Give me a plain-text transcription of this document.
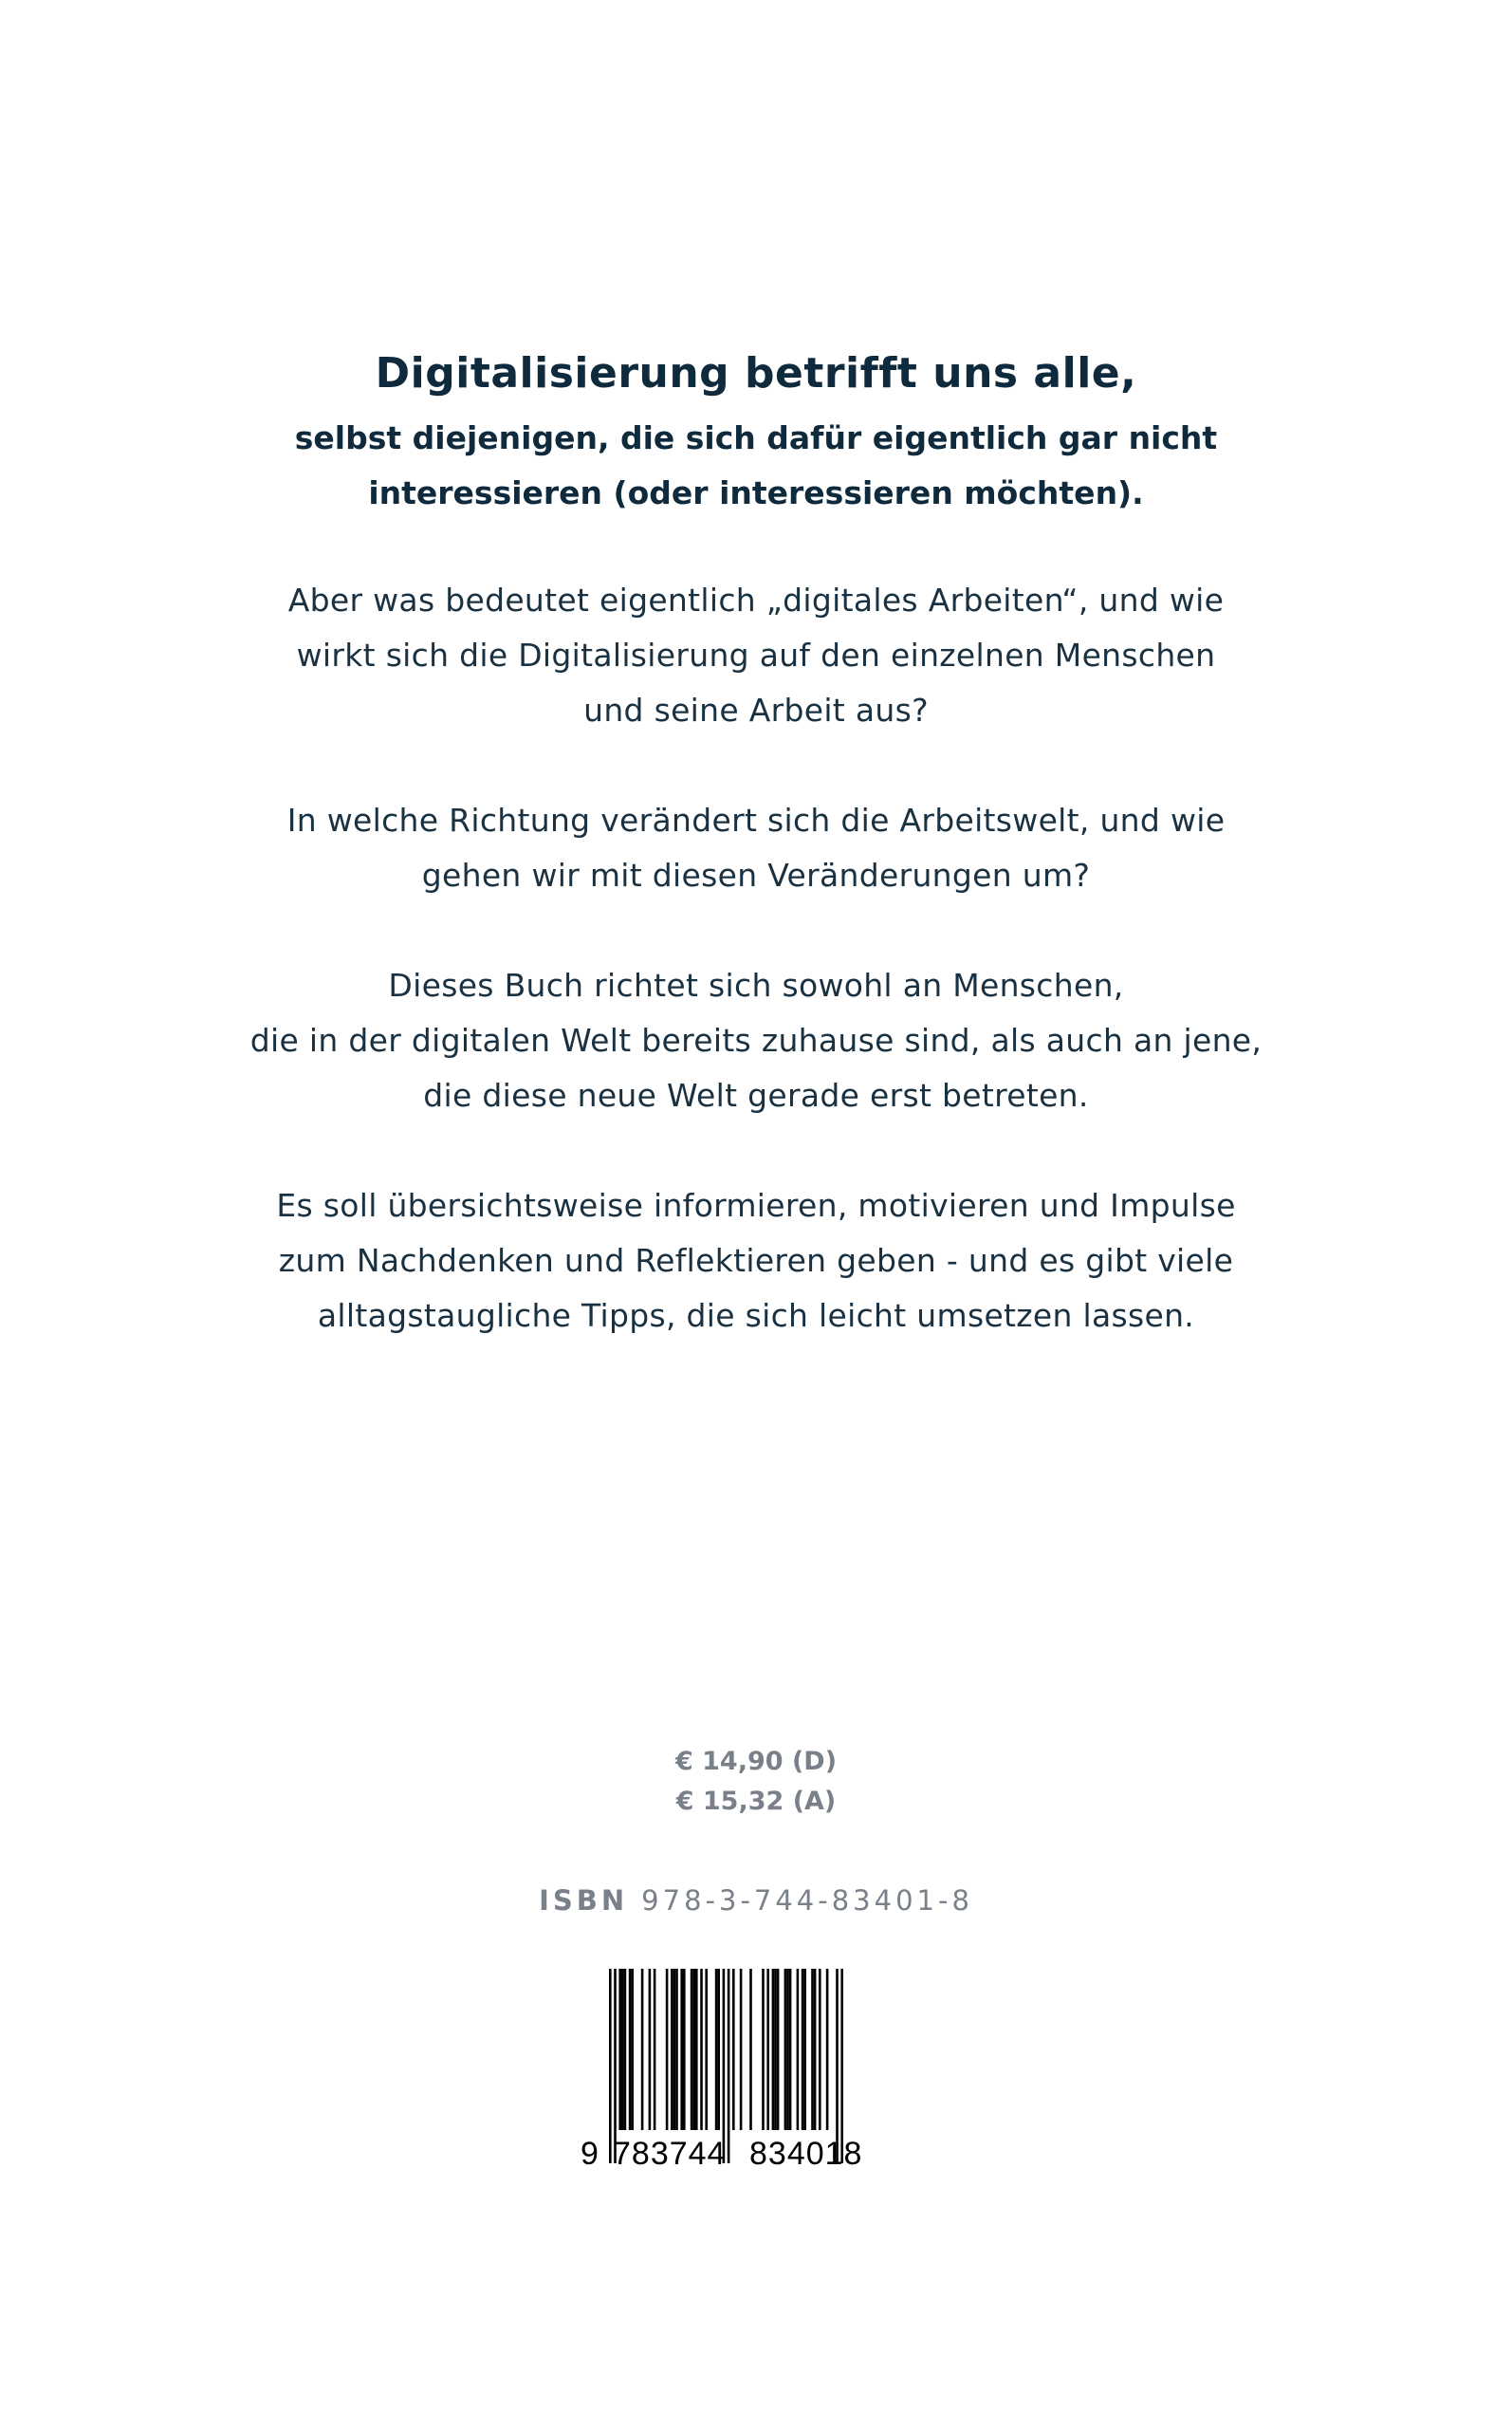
Digitalisierung betrifft uns alle,
selbst diejenigen, die sich dafür eigentlich gar nicht
interessieren (oder interessieren möchten).
Aber was bedeutet eigentlich „digitales Arbeiten“, und wie
wirkt sich die Digitalisierung auf den einzelnen Menschen
und seine Arbeit aus?
In welche Richtung verändert sich die Arbeitswelt, und wie
gehen wir mit diesen Veränderungen um?
Dieses Buch richtet sich sowohl an Menschen,
die in der digitalen Welt bereits zuhause sind, als auch an jene,
die diese neue Welt gerade erst betreten.
Es soll übersichtsweise informieren, motivieren und Impulse
zum Nachdenken und Reflektieren geben - und es gibt viele
alltagstaugliche Tipps, die sich leicht umsetzen lassen.
€ 14,90 (D)
€ 15,32 (A)
ISBN 978-3-744-83401-8
9 783744 834018
